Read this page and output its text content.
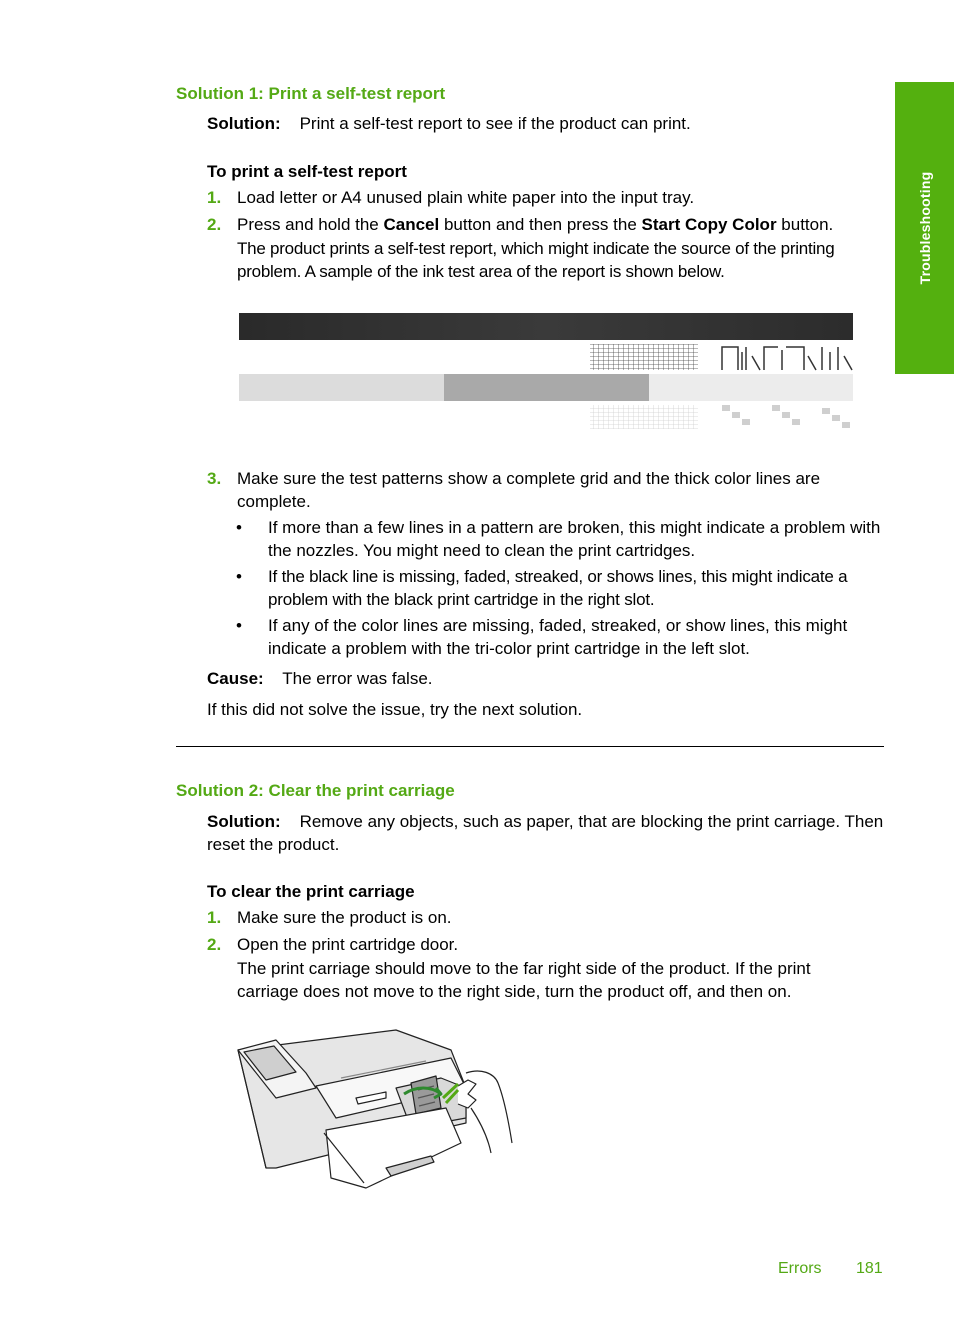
Troubleshooting
Solution 1: Print a self-test report
Solution: Print a self-test report to see if the product can print.
To print a self-test report
1. Load letter or A4 unused plain white paper into the input tray.
2. Press and hold the Cancel button and then press the Start Copy Color button.
The product prints a self-test report, which might indicate the source of the printing problem. A sample of the ink test area of the report is shown below.
3. Make sure the test patterns show a complete grid and the thick color lines are complete.
• If more than a few lines in a pattern are broken, this might indicate a problem with the nozzles. You might need to clean the print cartridges.
• If the black line is missing, faded, streaked, or shows lines, this might indicate a problem with the black print cartridge in the right slot.
• If any of the color lines are missing, faded, streaked, or show lines, this might indicate a problem with the tri-color print cartridge in the left slot.
Cause: The error was false.
If this did not solve the issue, try the next solution.
Solution 2: Clear the print carriage
Solution: Remove any objects, such as paper, that are blocking the print carriage. Then reset the product.
To clear the print carriage
1. Make sure the product is on.
2. Open the print cartridge door.
The print carriage should move to the far right side of the product. If the print carriage does not move to the right side, turn the product off, and then on.
Errors 181
